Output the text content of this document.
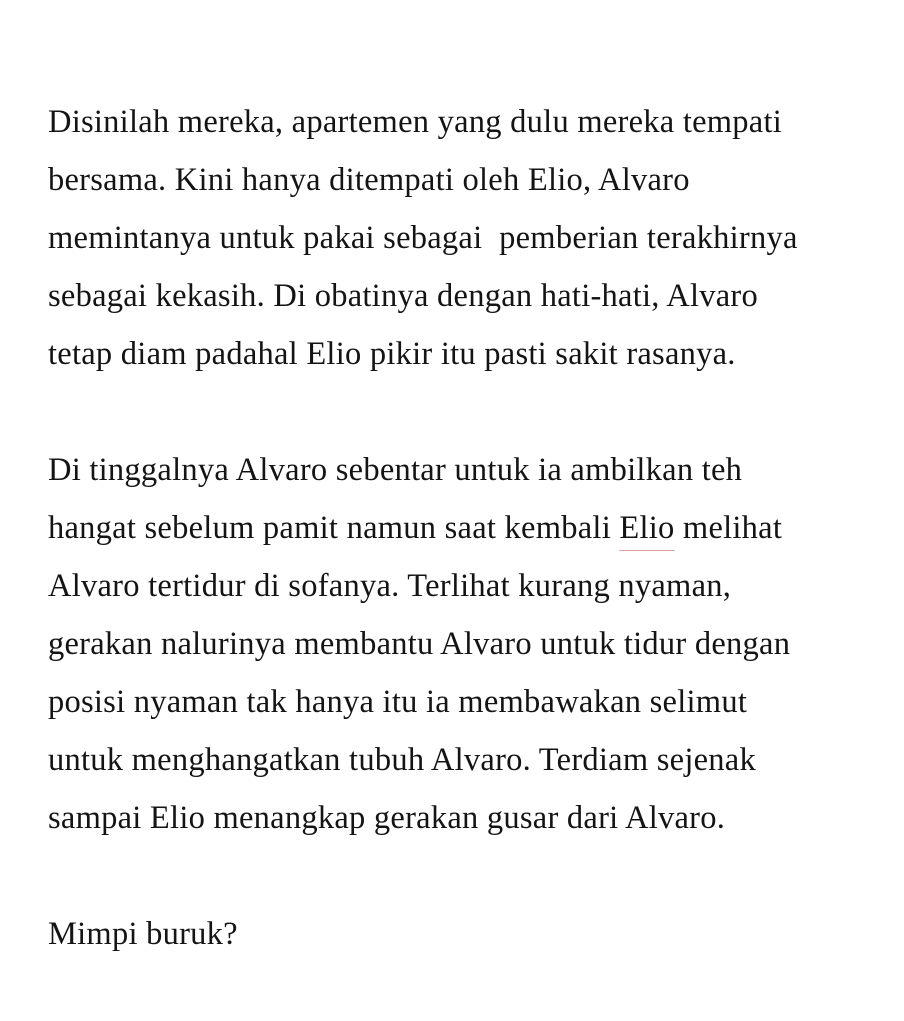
Disinilah mereka, apartemen yang dulu mereka tempati
bersama. Kini hanya ditempati oleh Elio, Alvaro
memintanya untuk pakai sebagai  pemberian terakhirnya
sebagai kekasih. Di obatinya dengan hati-hati, Alvaro
tetap diam padahal Elio pikir itu pasti sakit rasanya.

Di tinggalnya Alvaro sebentar untuk ia ambilkan teh
hangat sebelum pamit namun saat kembali Elio melihat
Alvaro tertidur di sofanya. Terlihat kurang nyaman,
gerakan nalurinya membantu Alvaro untuk tidur dengan
posisi nyaman tak hanya itu ia membawakan selimut
untuk menghangatkan tubuh Alvaro. Terdiam sejenak
sampai Elio menangkap gerakan gusar dari Alvaro.

Mimpi buruk?
